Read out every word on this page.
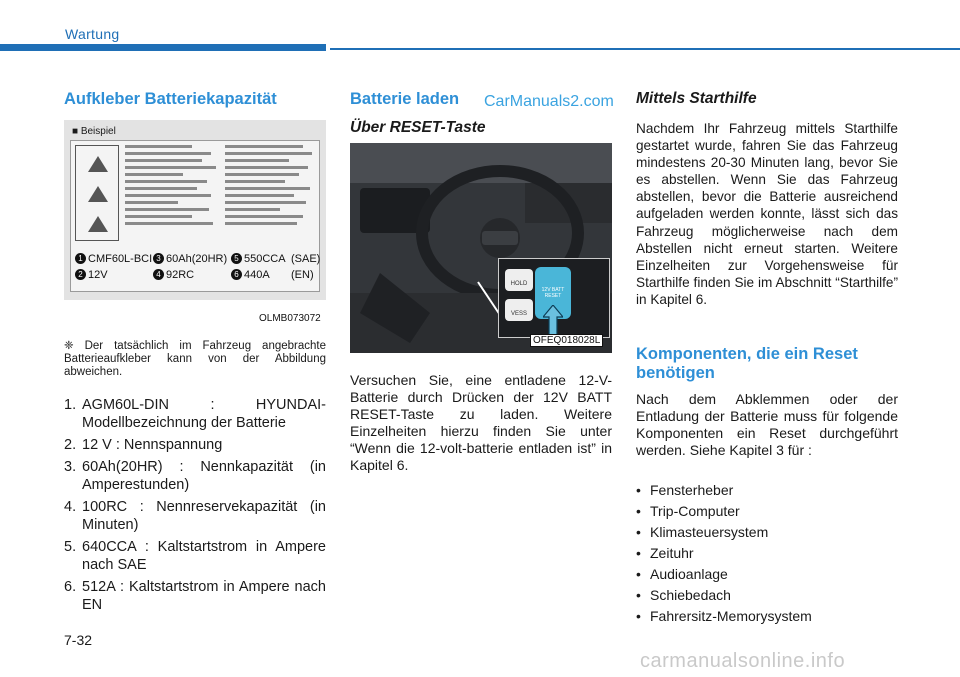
Wartung
Aufkleber Batteriekapazität
■ Beispiel
1 CMF60L-BCI 3 60Ah(20HR) 5 550CCA (SAE)
2 12V	4 92RC	6 440A (EN)
OLMB073072
❈ Der tatsächlich im Fahrzeug angebrachte Batterieaufkleber kann von der Abbildung abweichen.
1. AGM60L-DIN : HYUNDAI-Modellbezeichnung der Batterie
2. 12 V : Nennspannung
3. 60Ah(20HR) : Nennkapazität (in Amperestunden)
4. 100RC : Nennreservekapazität (in Minuten)
5. 640CCA : Kaltstartstrom in Ampere nach SAE
6. 512A : Kaltstartstrom in Ampere nach EN
Batterie laden
Über RESET-Taste
CarManuals2.com
HOLD
VESS
12V BATT RESET
OFEQ018028L

Versuchen Sie, eine entladene 12-V-Batterie durch Drücken der 12V BATT RESET-Taste zu laden. Weitere Einzelheiten hierzu finden Sie unter “Wenn die 12-volt-batterie entladen ist” in Kapitel 6.

Mittels Starthilfe

Nachdem Ihr Fahrzeug mittels Starthilfe gestartet wurde, fahren Sie das Fahrzeug mindestens 20-30 Minuten lang, bevor Sie es abstellen. Wenn Sie das Fahrzeug abstellen, bevor die Batterie ausreichend aufgeladen werden konnte, lässt sich das Fahrzeug möglicherweise nach dem Abstellen nicht erneut starten. Weitere Einzelheiten zur Vorgehensweise für Starthilfe finden Sie im Abschnitt “Starthilfe” in Kapitel 6.

Komponenten, die ein Reset benötigen

Nach dem Abklemmen oder der Entladung der Batterie muss für folgende Komponenten ein Reset durchgeführt werden. Siehe Kapitel 3 für :

• Fensterheber
• Trip-Computer
• Klimasteuersystem
• Zeituhr
• Audioanlage
• Schiebedach
• Fahrersitz-Memorysystem
7-32
carmanualsonline.info
